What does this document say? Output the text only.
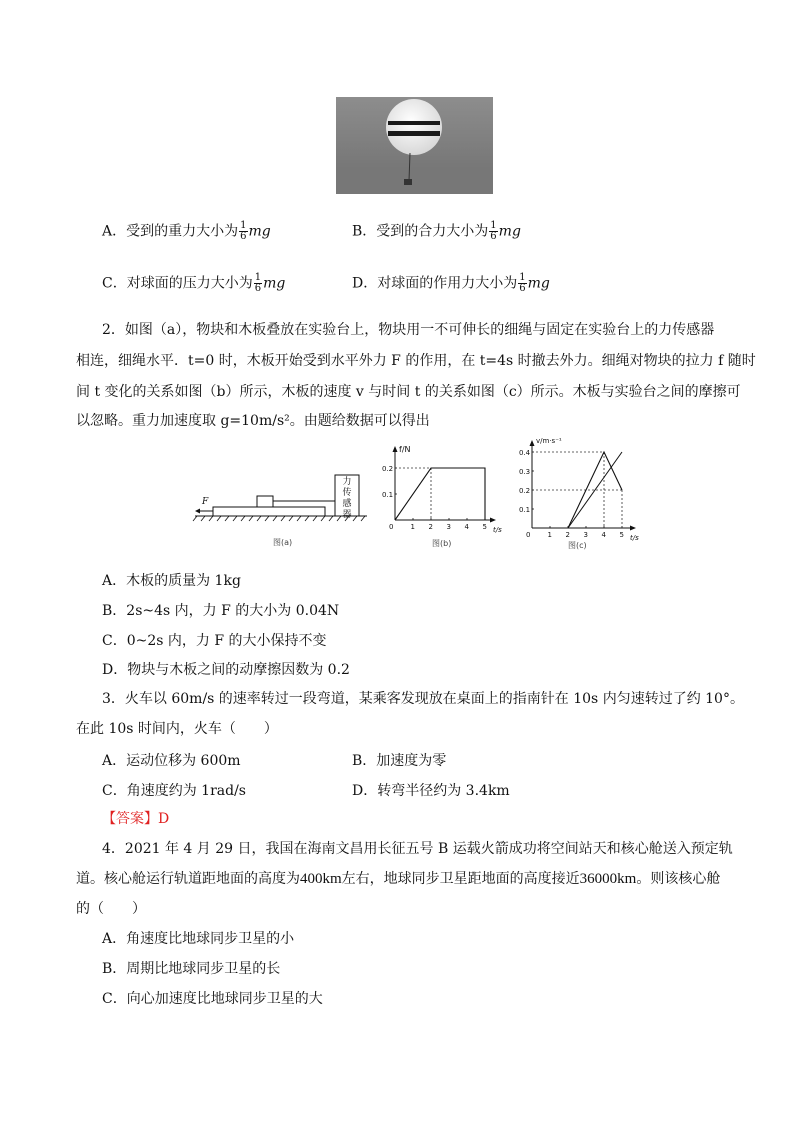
A．受到的重力大小为 $\frac{1}{6}$ mg	B．受到的合力大小为 $\frac{1}{6}$ mg
C．对球面的压力大小为 $\frac{1}{6}$ mg	D．对球面的作用力大小为 $\frac{1}{6}$ mg
2．如图（a），物块和木板叠放在实验台上，物块用一不可伸长的细绳与固定在实验台上的力传感器
相连，细绳水平．t=0 时，木板开始受到水平外力 F 的作用，在 t=4s 时撤去外力。细绳对物块的拉力 f 随时
间 t 变化的关系如图（b）所示，木板的速度 v 与时间 t 的关系如图（c）所示。木板与实验台之间的摩擦可
以忽略。重力加速度取 g=10m/s²。由题给数据可以得出
F
力传感器
图(a)
f/N
t/s
图(b)
0 1 2 3 4 5
0.2
0.1
v/m·s⁻¹
t/s
图(c)
0 1 2 3 4 5
0.4
0.3
0.2
0.1
A．木板的质量为 1kg
B．2s~4s 内，力 F 的大小为 0.04N
C．0~2s 内，力 F 的大小保持不变
D．物块与木板之间的动摩擦因数为 0.2
3．火车以 60m/s 的速率转过一段弯道，某乘客发现放在桌面上的指南针在 10s 内匀速转过了约 10°。
在此 10s 时间内，火车（　　）
A．运动位移为 600m	B．加速度为零
C．角速度约为 1rad/s	D．转弯半径约为 3.4km
【答案】D
4．2021 年 4 月 29 日，我国在海南文昌用长征五号 B 运载火箭成功将空间站天和核心舱送入预定轨
道。核心舱运行轨道距地面的高度为400km左右，地球同步卫星距地面的高度接近36000km。则该核心舱
的（　　）
A．角速度比地球同步卫星的小
B．周期比地球同步卫星的长
C．向心加速度比地球同步卫星的大
